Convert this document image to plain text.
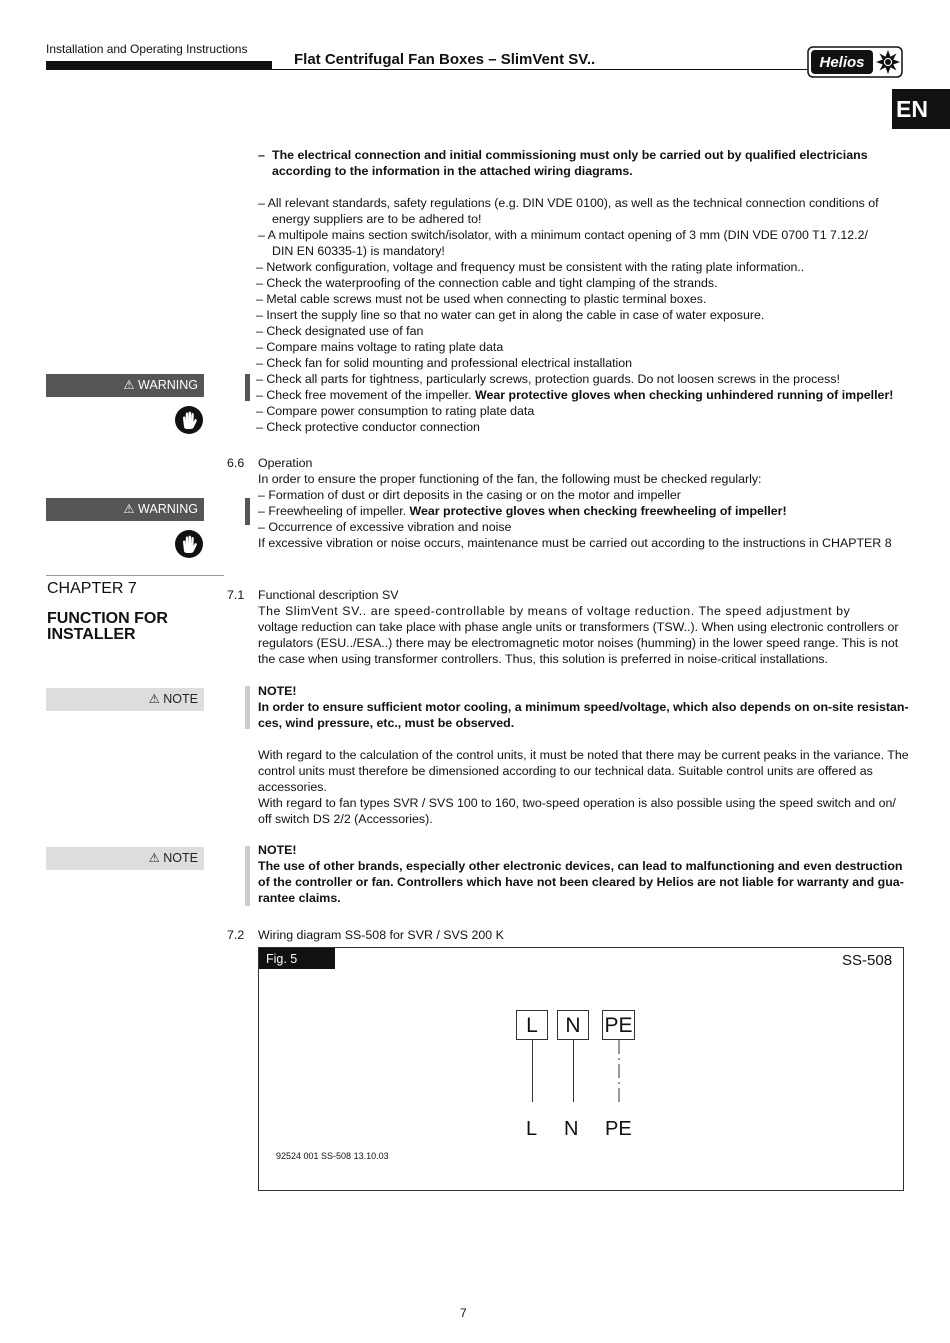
Installation and Operating Instructions
Flat Centrifugal Fan Boxes – SlimVent SV..	Helios
EN
– The electrical connection and initial commissioning must only be carried out by qualified electricians
according to the information in the attached wiring diagrams.
– All relevant standards, safety regulations (e.g. DIN VDE 0100), as well as the technical connection conditions of
energy suppliers are to be adhered to!
– A multipole mains section switch/isolator, with a minimum contact opening of 3 mm (DIN VDE 0700 T1 7.12.2/
DIN EN 60335-1) is mandatory!
– Network configuration, voltage and frequency must be consistent with the rating plate information..
– Check the waterproofing of the connection cable and tight clamping of the strands.
– Metal cable screws must not be used when connecting to plastic terminal boxes.
– Insert the supply line so that no water can get in along the cable in case of water exposure.
– Check designated use of fan
– Compare mains voltage to rating plate data
– Check fan for solid mounting and professional electrical installation
– Check all parts for tightness, particularly screws, protection guards. Do not loosen screws in the process!
– Check free movement of the impeller. Wear protective gloves when checking unhindered running of impeller!
– Compare power consumption to rating plate data
– Check protective conductor connection
⚠ WARNING
6.6 Operation
In order to ensure the proper functioning of the fan, the following must be checked regularly:
– Formation of dust or dirt deposits in the casing or on the motor and impeller
– Freewheeling of impeller. Wear protective gloves when checking freewheeling of impeller!
– Occurrence of excessive vibration and noise
If excessive vibration or noise occurs, maintenance must be carried out according to the instructions in CHAPTER 8
⚠ WARNING
CHAPTER 7
FUNCTION FOR
INSTALLER
7.1 Functional description SV
The SlimVent SV.. are speed-controllable by means of voltage reduction. The speed adjustment by
voltage reduction can take place with phase angle units or transformers (TSW..). When using electronic controllers or
regulators (ESU../ESA..) there may be electromagnetic motor noises (humming) in the lower speed range. This is not
the case when using transformer controllers. Thus, this solution is preferred in noise-critical installations.
⚠ NOTE
NOTE!
In order to ensure sufficient motor cooling, a minimum speed/voltage, which also depends on on-site resistan-
ces, wind pressure, etc., must be observed.
With regard to the calculation of the control units, it must be noted that there may be current peaks in the variance. The
control units must therefore be dimensioned according to our technical data. Suitable control units are offered as
accessories.
With regard to fan types SVR / SVS 100 to 160, two-speed operation is also possible using the speed switch and on/
off switch DS 2/2 (Accessories).
⚠ NOTE
NOTE!
The use of other brands, especially other electronic devices, can lead to malfunctioning and even destruction
of the controller or fan. Controllers which have not been cleared by Helios are not liable for warranty and gua-
rantee claims.
7.2 Wiring diagram SS-508 for SVR / SVS 200 K
Fig. 5	SS-508
L	N	PE
L N PE
92524 001 SS-508 13.10.03
7
